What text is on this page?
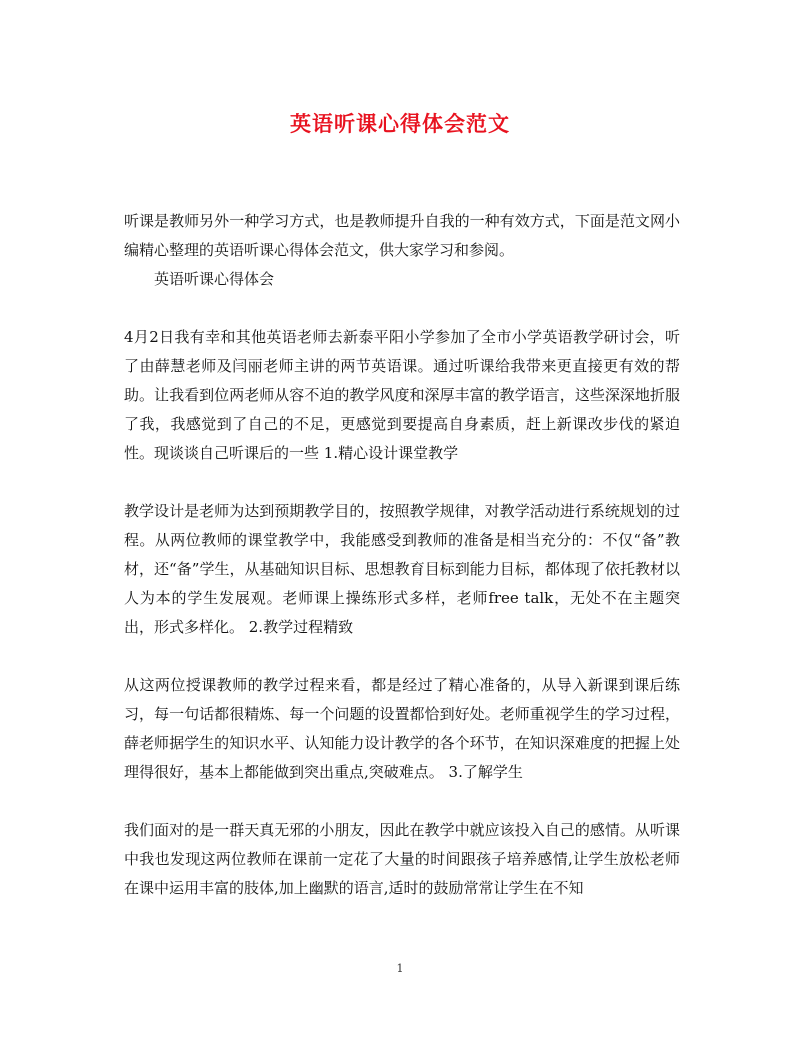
英语听课心得体会范文

听课是教师另外一种学习方式，也是教师提升自我的一种有效方式，下面是范文网小编精心整理的英语听课心得体会范文，供大家学习和参阅。

英语听课心得体会

4月2日我有幸和其他英语老师去新泰平阳小学参加了全市小学英语教学研讨会，听了由薛慧老师及闫丽老师主讲的两节英语课。通过听课给我带来更直接更有效的帮助。让我看到位两老师从容不迫的教学风度和深厚丰富的教学语言，这些深深地折服了我，我感觉到了自己的不足，更感觉到要提高自身素质，赶上新课改步伐的紧迫性。现谈谈自己听课后的一些 1.精心设计课堂教学

教学设计是老师为达到预期教学目的，按照教学规律，对教学活动进行系统规划的过程。从两位教师的课堂教学中，我能感受到教师的准备是相当充分的：不仅“备”教材，还“备”学生，从基础知识目标、思想教育目标到能力目标，都体现了依托教材以人为本的学生发展观。老师课上操练形式多样，老师free talk，无处不在主题突出，形式多样化。 2.教学过程精致

从这两位授课教师的教学过程来看，都是经过了精心准备的，从导入新课到课后练习，每一句话都很精炼、每一个问题的设置都恰到好处。老师重视学生的学习过程，薛老师据学生的知识水平、认知能力设计教学的各个环节，在知识深难度的把握上处理得很好，基本上都能做到突出重点,突破难点。 3.了解学生

我们面对的是一群天真无邪的小朋友，因此在教学中就应该投入自己的感情。从听课中我也发现这两位教师在课前一定花了大量的时间跟孩子培养感情,让学生放松老师在课中运用丰富的肢体,加上幽默的语言,适时的鼓励常常让学生在不知

1
